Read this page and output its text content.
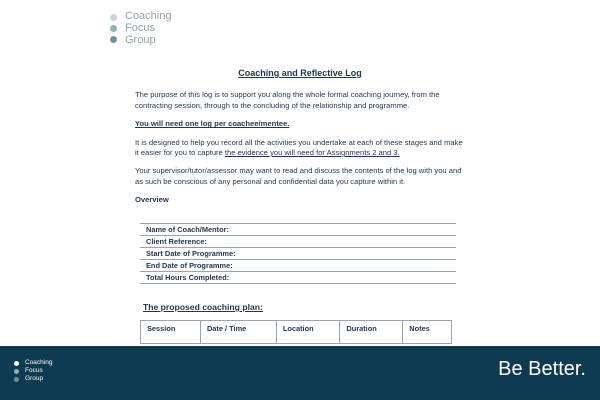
Coaching
Focus
Group
Coaching and Reflective Log

The purpose of this log is to support you along the whole formal coaching journey, from the contracting session, through to the concluding of the relationship and programme.

You will need one log per coachee/mentee.

It is designed to help you record all the activities you undertake at each of these stages and make it easier for you to capture the evidence you will need for Assignments 2 and 3.

Your supervisor/tutor/assessor may want to read and discuss the contents of the log with you and as such be conscious of any personal and confidential data you capture within it.

Overview
Name of Coach/Mentor:
Client Reference:
Start Date of Programme:
End Date of Programme:
Total Hours Completed:
The proposed coaching plan:
Session	Date / Time	Location	Duration	Notes
Coaching
Focus
Group	Be Better.
